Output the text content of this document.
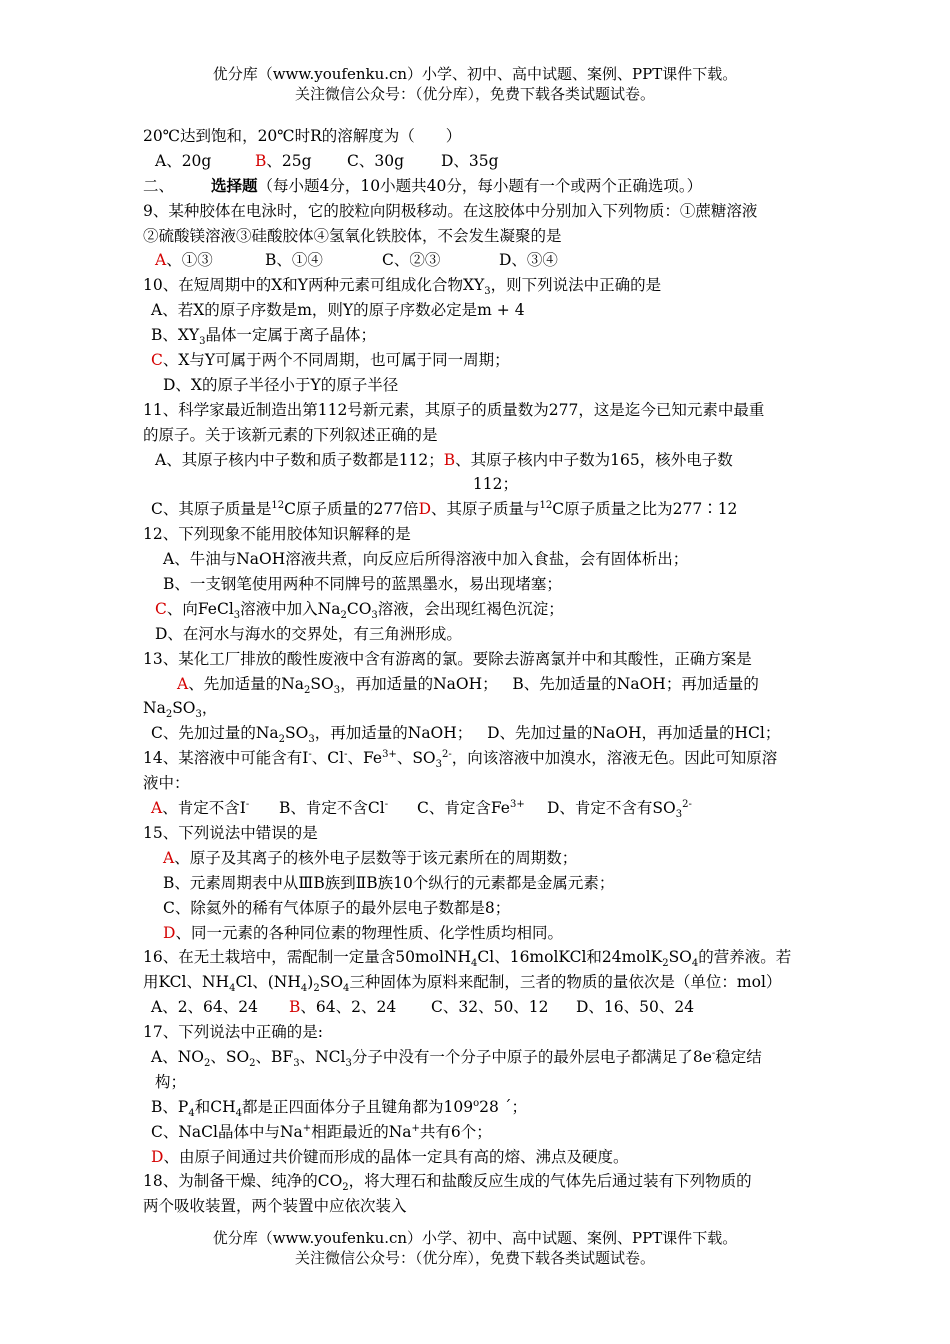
优分库（www.youfenku.cn）小学、初中、高中试题、案例、PPT课件下载。
关注微信公众号：（优分库），免费下载各类试题试卷。
20℃达到饱和，20℃时R的溶解度为（　　）
A、20g	B、25g C、30g D、35g
二、 选择题（每小题4分，10小题共40分，每小题有一个或两个正确选项。）
9、某种胶体在电泳时，它的胶粒向阴极移动。在这胶体中分别加入下列物质：①蔗糖溶液
②硫酸镁溶液③硅酸胶体④氢氧化铁胶体，不会发生凝聚的是
A、①③	B、①④	C、②③	D、③④
10、在短周期中的X和Y两种元素可组成化合物$XY_3$，则下列说法中正确的是
A、若X的原子序数是m，则Y的原子序数必定是m + 4
B、$XY_3$晶体一定属于离子晶体；
C、X与Y可属于两个不同周期，也可属于同一周期；
D、X的原子半径小于Y的原子半径
11、科学家最近制造出第112号新元素，其原子的质量数为277，这是迄今已知元素中最重
的原子。关于该新元素的下列叙述正确的是
A、其原子核内中子数和质子数都是112；B、其原子核内中子数为165，核外电子数
112；
C、其原子质量是$^{12}$C原子质量的277倍D、其原子质量与$^{12}$C原子质量之比为277∶12
12、下列现象不能用胶体知识解释的是
A、牛油与NaOH溶液共煮，向反应后所得溶液中加入食盐，会有固体析出；
B、一支钢笔使用两种不同牌号的蓝黑墨水，易出现堵塞；
C、向FeCl$_3$溶液中加入$Na_2CO_3$溶液，会出现红褐色沉淀；
D、在河水与海水的交界处，有三角洲形成。
13、某化工厂排放的酸性废液中含有游离的氯。要除去游离氯并中和其酸性，正确方案是
A、先加适量的$Na_2SO_3$，再加适量的NaOH； B、先加适量的NaOH；再加适量的
$Na_2SO_3$，
C、先加过量的$Na_2SO_3$，再加适量的NaOH； D、先加过量的NaOH，再加适量的HCl；
14、某溶液中可能含有I-、Cl-、$Fe^{3+}$、$SO_3^{2-}$，向该溶液中加溴水，溶液无色。因此可知原溶
液中：
A、肯定不含I- B、肯定不含Cl- C、肯定含$Fe^{3+}$ D、肯定不含有$SO_3^{2-}$
15、下列说法中错误的是
A、原子及其离子的核外电子层数等于该元素所在的周期数；
B、元素周期表中从ⅢB族到ⅡB族10个纵行的元素都是金属元素；
C、除氦外的稀有气体原子的最外层电子数都是8；
D、同一元素的各种同位素的物理性质、化学性质均相同。
16、在无土栽培中，需配制一定量含50molNH$_4$Cl、16molKCl和$24molK_2SO_4$的营养液。若
用KCl、$NH_4Cl$、$(NH_4)_2SO_4$三种固体为原料来配制，三者的物质的量依次是（单位：mol）
A、2、64、24 B、64、2、24 C、32、50、12 D、16、50、24
17、下列说法中正确的是:
A、$NO_2$、$SO_2$、$BF_3$、NCl$_3$分子中没有一个分子中原子的最外层电子都满足了8e-稳定结
构；
B、$P_4$和$CH_4$都是正四面体分子且键角都为109$^o$28 ˊ；
C、NaCl晶体中与Na+相距最近的Na+共有6个；
D、由原子间通过共价键而形成的晶体一定具有高的熔、沸点及硬度。
18、为制备干燥、纯净的$CO_2$，将大理石和盐酸反应生成的气体先后通过装有下列物质的
两个吸收装置，两个装置中应依次装入
优分库（www.youfenku.cn）小学、初中、高中试题、案例、PPT课件下载。
关注微信公众号：（优分库），免费下载各类试题试卷。
